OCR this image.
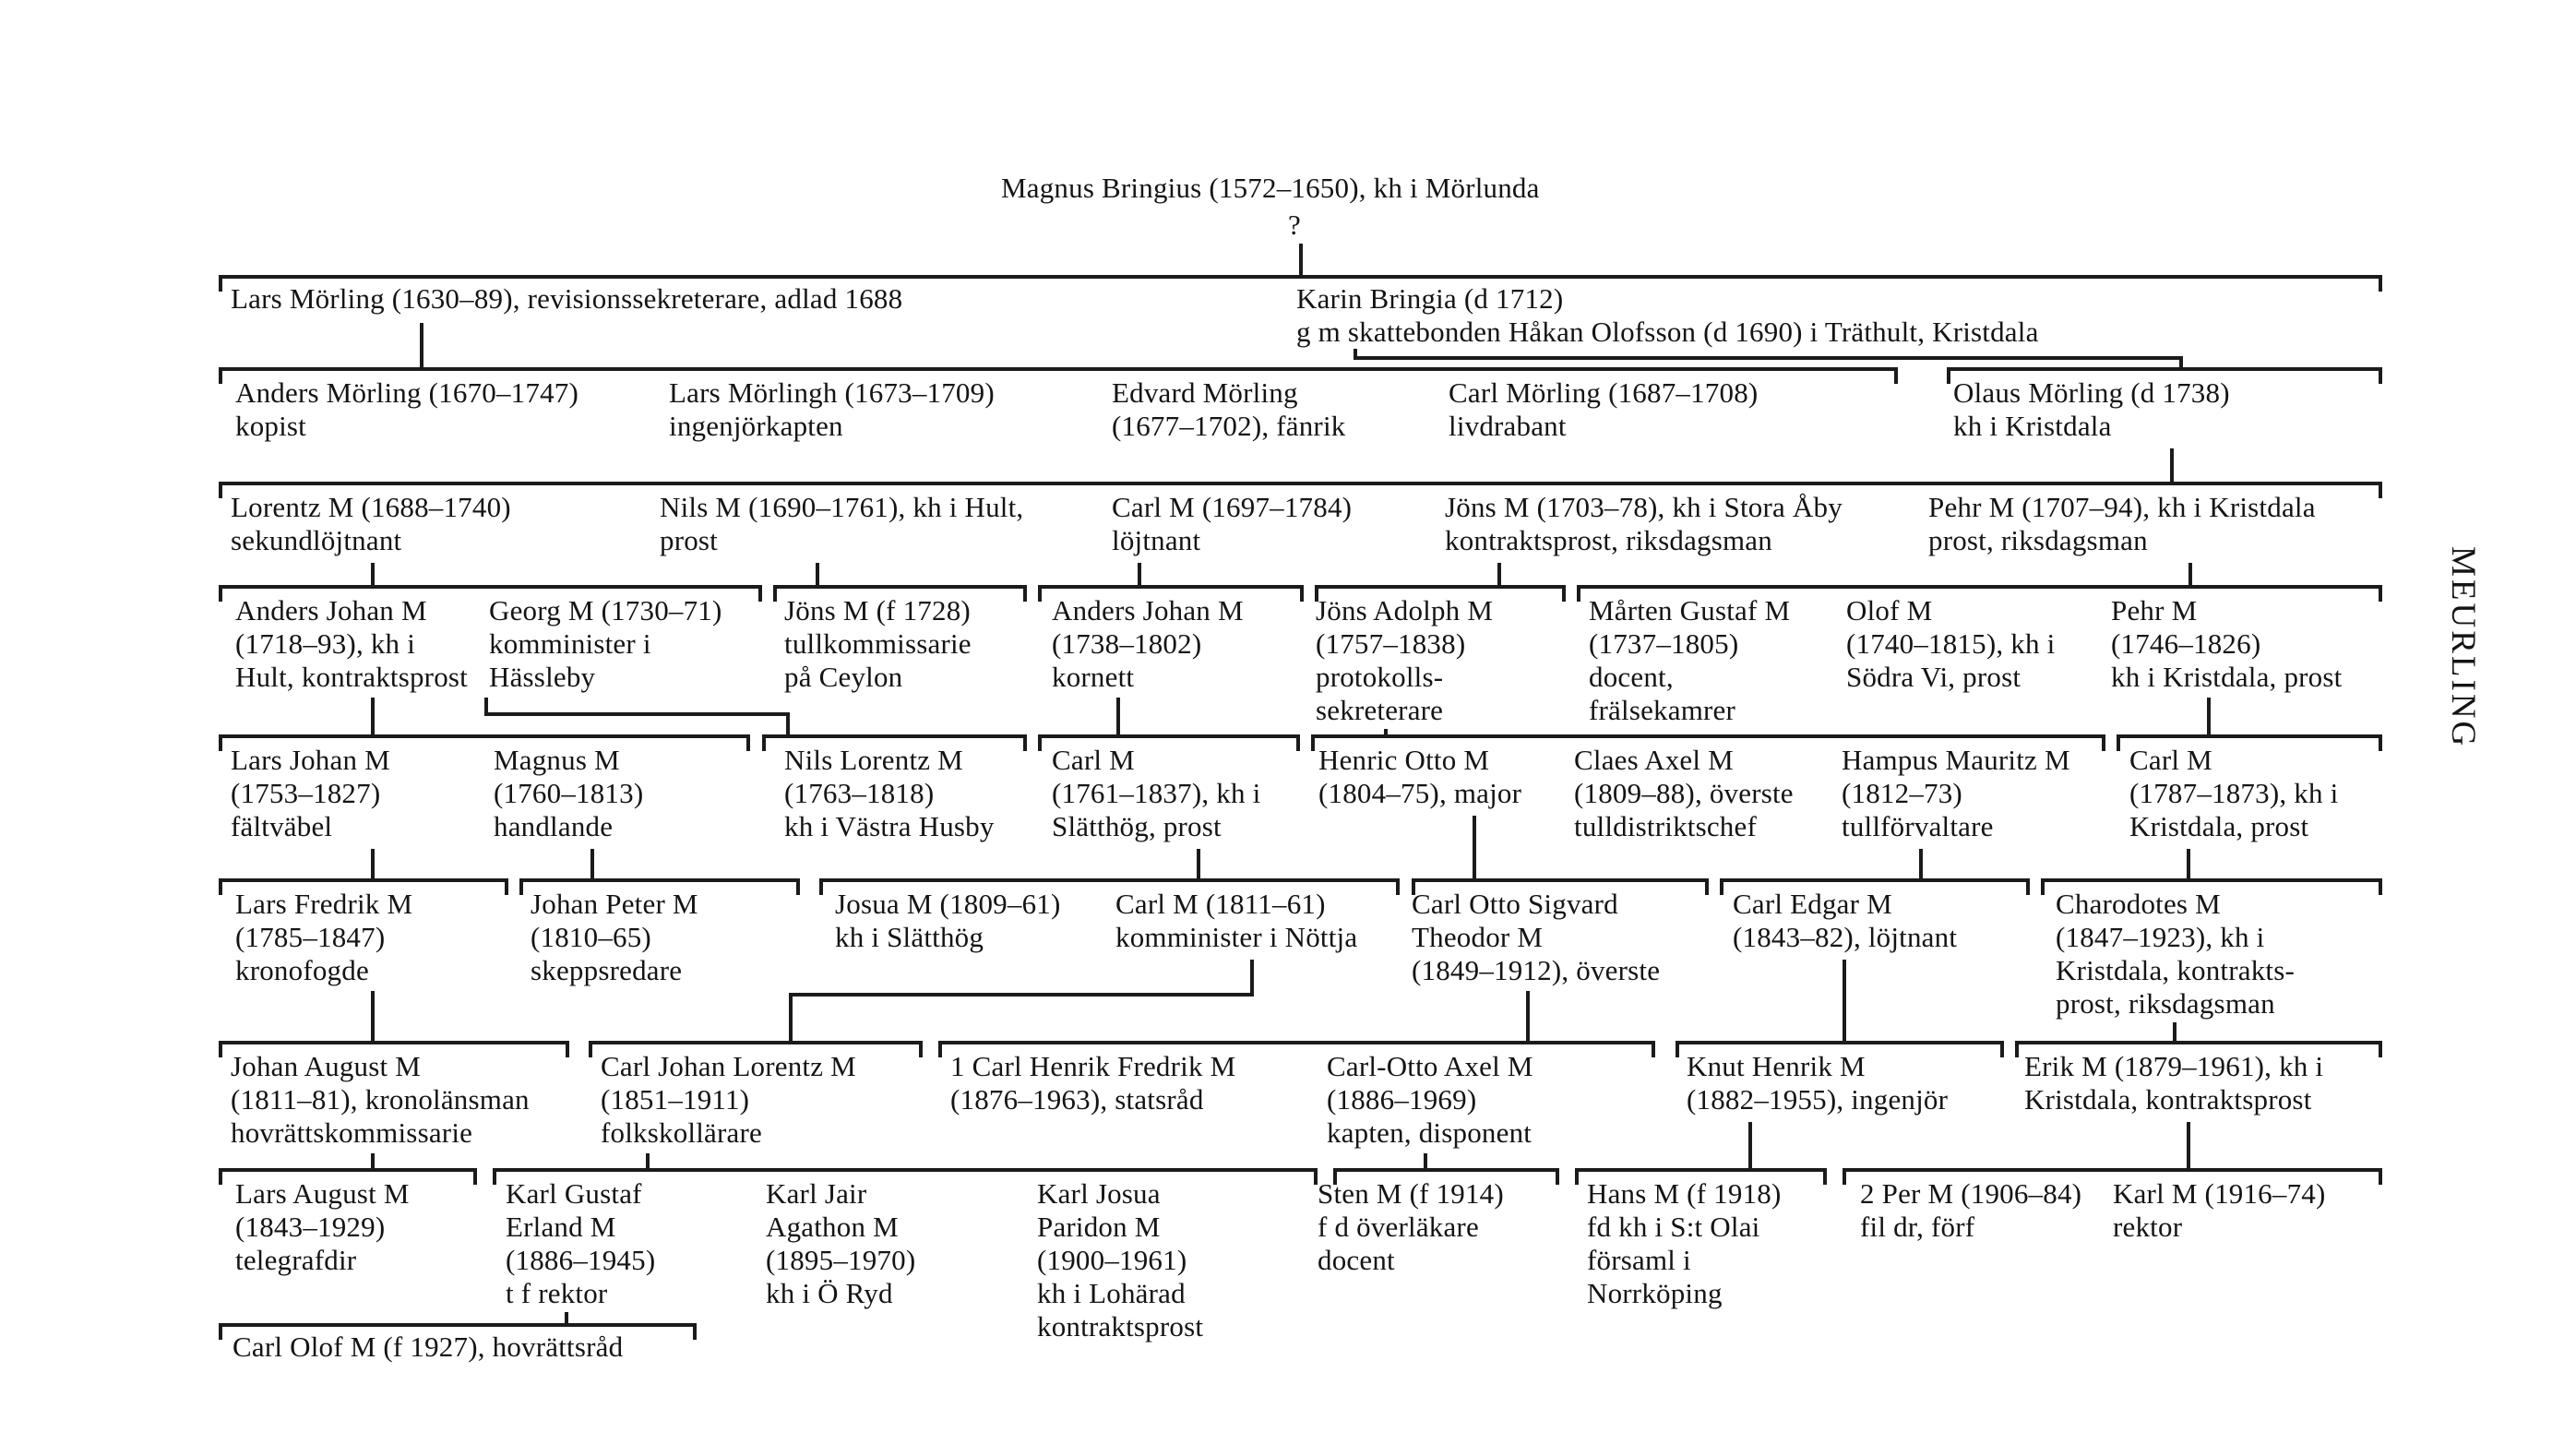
Magnus Bringius (1572–1650), kh i Mörlunda
?
Lars Mörling (1630–89), revisionssekreterare, adlad 1688	Karin Bringia (d 1712)
g m skattebonden Håkan Olofsson (d 1690) i Träthult, Kristdala
Anders Mörling (1670–1747)
kopist
Lars Mörlingh (1673–1709)
ingenjörkapten
Edvard Mörling
(1677–1702), fänrik
Carl Mörling (1687–1708)
livdrabant
Olaus Mörling (d 1738)
kh i Kristdala
Lorentz M (1688–1740)
sekundlöjtnant
Nils M (1690–1761), kh i Hult,
prost
Carl M (1697–1784)
löjtnant
Jöns M (1703–78), kh i Stora Åby
kontraktsprost, riksdagsman
Pehr M (1707–94), kh i Kristdala
prost, riksdagsman
Anders Johan M
(1718–93), kh i
Hult, kontraktsprost
Georg M (1730–71)
komminister i
Hässleby
Jöns M (f 1728)
tullkommissarie
på Ceylon
Anders Johan M
(1738–1802)
kornett
Jöns Adolph M
(1757–1838)
protokolls-
sekreterare
Mårten Gustaf M
(1737–1805)
docent,
frälsekamrer
Olof M
(1740–1815), kh i
Södra Vi, prost
Pehr M
(1746–1826)
kh i Kristdala, prost
Lars Johan M
(1753–1827)
fältväbel
Magnus M
(1760–1813)
handlande
Nils Lorentz M
(1763–1818)
kh i Västra Husby
Carl M
(1761–1837), kh i
Slätthög, prost
Henric Otto M
(1804–75), major
Claes Axel M
(1809–88), överste
tulldistriktschef
Hampus Mauritz M
(1812–73)
tullförvaltare
Carl M
(1787–1873), kh i
Kristdala, prost
Lars Fredrik M
(1785–1847)
kronofogde
Johan Peter M
(1810–65)
skeppsredare
Josua M (1809–61)
kh i Slätthög
Carl M (1811–61)
komminister i Nöttja
Carl Otto Sigvard
Theodor M
(1849–1912), överste
Carl Edgar M
(1843–82), löjtnant
Charodotes M
(1847–1923), kh i
Kristdala, kontrakts-
prost, riksdagsman
Johan August M
(1811–81), kronolänsman
hovrättskommissarie
Carl Johan Lorentz M
(1851–1911)
folkskollärare
1 Carl Henrik Fredrik M
(1876–1963), statsråd
Carl-Otto Axel M
(1886–1969)
kapten, disponent
Knut Henrik M
(1882–1955), ingenjör
Erik M (1879–1961), kh i
Kristdala, kontraktsprost
Lars August M
(1843–1929)
telegrafdir
Karl Gustaf
Erland M
(1886–1945)
t f rektor
Karl Jair
Agathon M
(1895–1970)
kh i Ö Ryd
Karl Josua
Paridon M
(1900–1961)
kh i Lohärad
kontraktsprost
Sten M (f 1914)
f d överläkare
docent
Hans M (f 1918)
fd kh i S:t Olai
församl i
Norrköping
2 Per M (1906–84)
fil dr, förf
Karl M (1916–74)
rektor
Carl Olof M (f 1927), hovrättsråd
MEURLING
